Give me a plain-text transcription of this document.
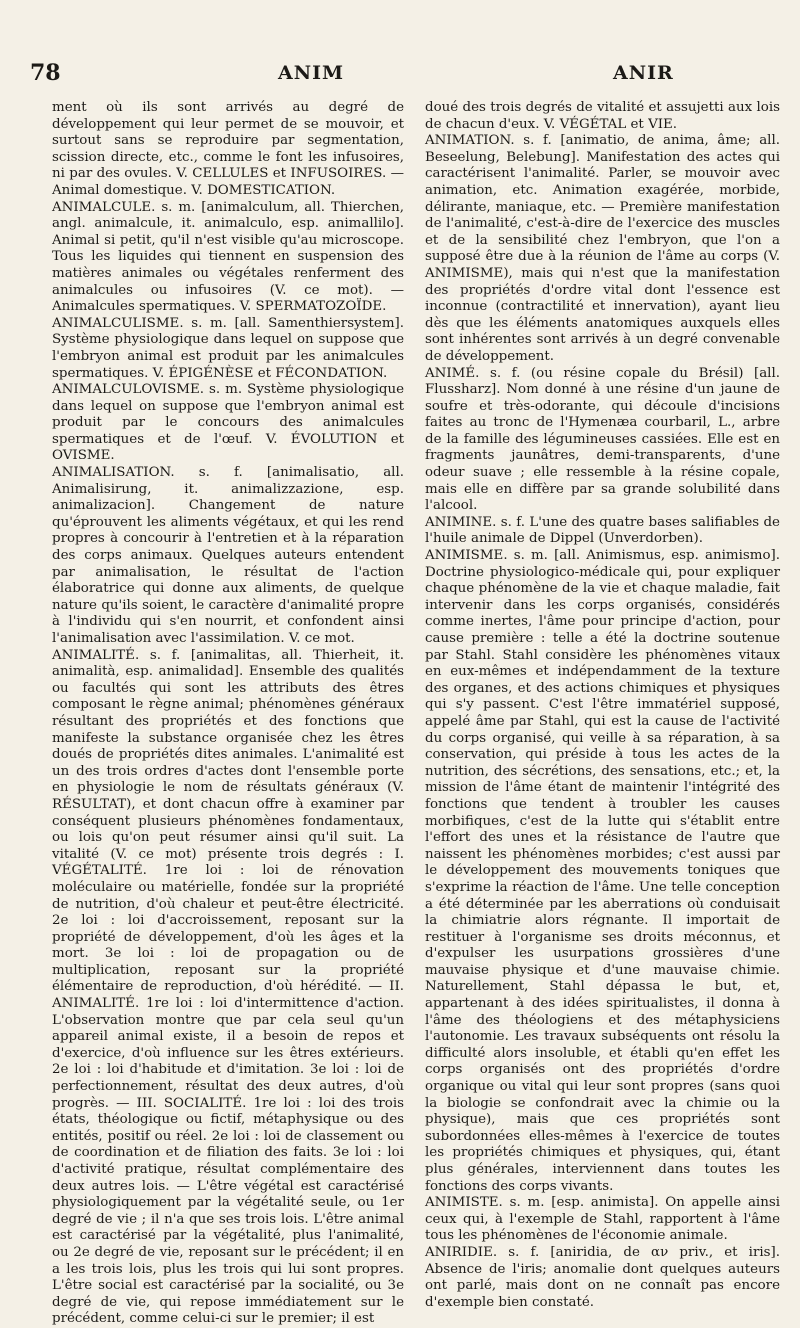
78	ANIM	ANIR

ment où ils sont arrivés au degré de développement qui leur permet de se mouvoir, et surtout sans se reproduire par segmentation, scission directe, etc., comme le font les infusoires, ni par des ovules. V. CELLULES et INFUSOIRES. — Animal domestique. V. DOMESTICATION.

ANIMALCULE. s. m. [animalculum, all. Thierchen, angl. animalcule, it. animalculo, esp. animallilo]. Animal si petit, qu'il n'est visible qu'au microscope. Tous les liquides qui tiennent en suspension des matières animales ou végétales renferment des animalcules ou infusoires (V. ce mot). — Animalcules spermatiques. V. SPERMATOZOÏDE.

ANIMALCULISME. s. m. [all. Samenthiersystem]. Système physiologique dans lequel on suppose que l'embryon animal est produit par les animalcules spermatiques. V. ÉPIGÉNÈSE et FÉCONDATION.

ANIMALCULOVISME. s. m. Système physiologique dans lequel on suppose que l'embryon animal est produit par le concours des animalcules spermatiques et de l'œuf. V. ÉVOLUTION et OVISME.

ANIMALISATION. s. f. [animalisatio, all. Animalisirung, it. animalizzazione, esp. animalizacion]. Changement de nature qu'éprouvent les aliments végétaux, et qui les rend propres à concourir à l'entretien et à la réparation des corps animaux. Quelques auteurs entendent par animalisation, le résultat de l'action élaboratrice qui donne aux aliments, de quelque nature qu'ils soient, le caractère d'animalité propre à l'individu qui s'en nourrit, et confondent ainsi l'animalisation avec l'assimilation. V. ce mot.

ANIMALITÉ. s. f. [animalitas, all. Thierheit, it. animalità, esp. animalidad]. Ensemble des qualités ou facultés qui sont les attributs des êtres composant le règne animal; phénomènes généraux résultant des propriétés et des fonctions que manifeste la substance organisée chez les êtres doués de propriétés dites animales. L'animalité est un des trois ordres d'actes dont l'ensemble porte en physiologie le nom de résultats généraux (V. RÉSULTAT), et dont chacun offre à examiner par conséquent plusieurs phénomènes fondamentaux, ou lois qu'on peut résumer ainsi qu'il suit. La vitalité (V. ce mot) présente trois degrés : I. VÉGÉTALITÉ. 1re loi : loi de rénovation moléculaire ou matérielle, fondée sur la propriété de nutrition, d'où chaleur et peut-être électricité. 2e loi : loi d'accroissement, reposant sur la propriété de développement, d'où les âges et la mort. 3e loi : loi de propagation ou de multiplication, reposant sur la propriété élémentaire de reproduction, d'où hérédité. — II. ANIMALITÉ. 1re loi : loi d'intermittence d'action. L'observation montre que par cela seul qu'un appareil animal existe, il a besoin de repos et d'exercice, d'où influence sur les êtres extérieurs. 2e loi : loi d'habitude et d'imitation. 3e loi : loi de perfectionnement, résultat des deux autres, d'où progrès. — III. SOCIALITÉ. 1re loi : loi des trois états, théologique ou fictif, métaphysique ou des entités, positif ou réel. 2e loi : loi de classement ou de coordination et de filiation des faits. 3e loi : loi d'activité pratique, résultat complémentaire des deux autres lois. — L'être végétal est caractérisé physiologiquement par la végétalité seule, ou 1er degré de vie ; il n'a que ses trois lois. L'être animal est caractérisé par la végétalité, plus l'animalité, ou 2e degré de vie, reposant sur le précédent; il en a les trois lois, plus les trois qui lui sont propres. L'être social est caractérisé par la socialité, ou 3e degré de vie, qui repose immédiatement sur le précédent, comme celui-ci sur le premier; il est

doué des trois degrés de vitalité et assujetti aux lois de chacun d'eux. V. VÉGÉTAL et VIE.

ANIMATION. s. f. [animatio, de anima, âme; all. Beseelung, Belebung]. Manifestation des actes qui caractérisent l'animalité. Parler, se mouvoir avec animation, etc. Animation exagérée, morbide, délirante, maniaque, etc. — Première manifestation de l'animalité, c'est-à-dire de l'exercice des muscles et de la sensibilité chez l'embryon, que l'on a supposé être due à la réunion de l'âme au corps (V. ANIMISME), mais qui n'est que la manifestation des propriétés d'ordre vital dont l'essence est inconnue (contractilité et innervation), ayant lieu dès que les éléments anatomiques auxquels elles sont inhérentes sont arrivés à un degré convenable de développement.

ANIMÉ. s. f. (ou résine copale du Brésil) [all. Flussharz]. Nom donné à une résine d'un jaune de soufre et très-odorante, qui découle d'incisions faites au tronc de l'Hymenæa courbaril, L., arbre de la famille des légumineuses cassiées. Elle est en fragments jaunâtres, demi-transparents, d'une odeur suave ; elle ressemble à la résine copale, mais elle en diffère par sa grande solubilité dans l'alcool.

ANIMINE. s. f. L'une des quatre bases salifiables de l'huile animale de Dippel (Unverdorben).

ANIMISME. s. m. [all. Animismus, esp. animismo]. Doctrine physiologico-médicale qui, pour expliquer chaque phénomène de la vie et chaque maladie, fait intervenir dans les corps organisés, considérés comme inertes, l'âme pour principe d'action, pour cause première : telle a été la doctrine soutenue par Stahl. Stahl considère les phénomènes vitaux en eux-mêmes et indépendamment de la texture des organes, et des actions chimiques et physiques qui s'y passent. C'est l'être immatériel supposé, appelé âme par Stahl, qui est la cause de l'activité du corps organisé, qui veille à sa réparation, à sa conservation, qui préside à tous les actes de la nutrition, des sécrétions, des sensations, etc.; et, la mission de l'âme étant de maintenir l'intégrité des fonctions que tendent à troubler les causes morbifiques, c'est de la lutte qui s'établit entre l'effort des unes et la résistance de l'autre que naissent les phénomènes morbides; c'est aussi par le développement des mouvements toniques que s'exprime la réaction de l'âme. Une telle conception a été déterminée par les aberrations où conduisait la chimiatrie alors régnante. Il importait de restituer à l'organisme ses droits méconnus, et d'expulser les usurpations grossières d'une mauvaise physique et d'une mauvaise chimie. Naturellement, Stahl dépassa le but, et, appartenant à des idées spiritualistes, il donna à l'âme des théologiens et des métaphysiciens l'autonomie. Les travaux subséquents ont résolu la difficulté alors insoluble, et établi qu'en effet les corps organisés ont des propriétés d'ordre organique ou vital qui leur sont propres (sans quoi la biologie se confondrait avec la chimie ou la physique), mais que ces propriétés sont subordonnées elles-mêmes à l'exercice de toutes les propriétés chimiques et physiques, qui, étant plus générales, interviennent dans toutes les fonctions des corps vivants.

ANIMISTE. s. m. [esp. animista]. On appelle ainsi ceux qui, à l'exemple de Stahl, rapportent à l'âme tous les phénomènes de l'économie animale.

ANIRIDIE. s. f. [aniridia, de αν priv., et iris]. Absence de l'iris; anomalie dont quelques auteurs ont parlé, mais dont on ne connaît pas encore d'exemple bien constaté.
